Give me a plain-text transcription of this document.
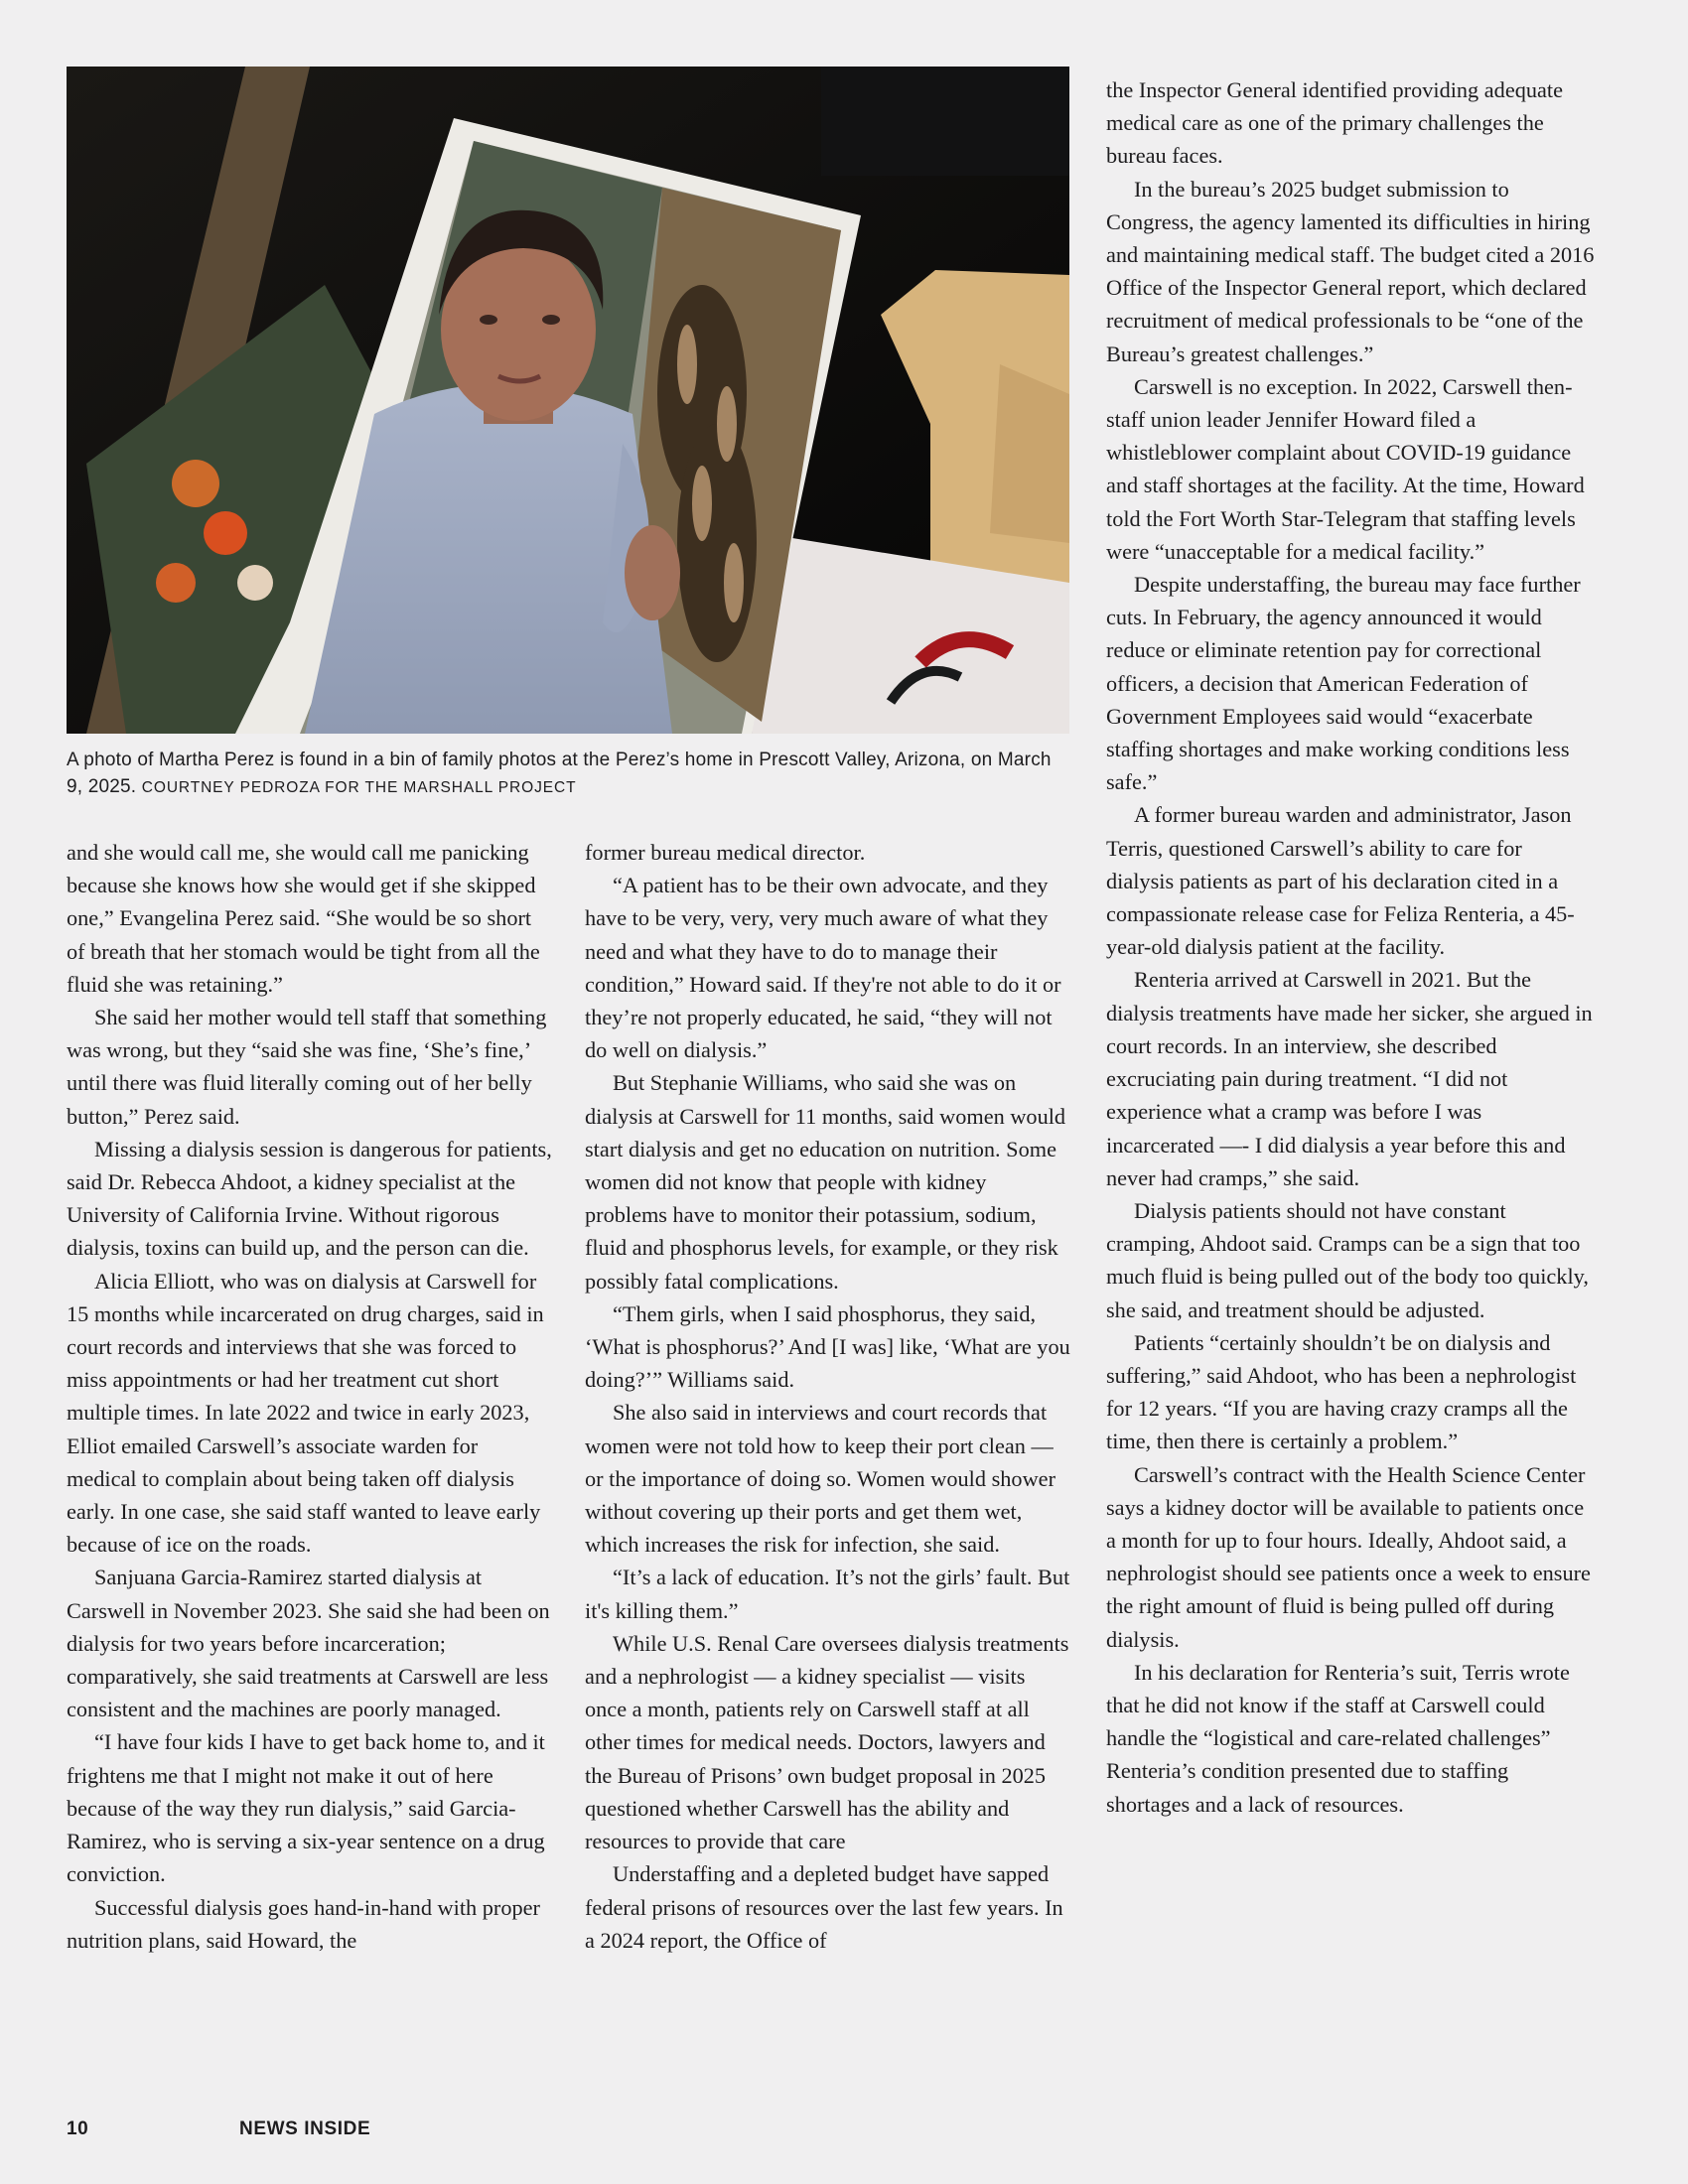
A photo of Martha Perez is found in a bin of family photos at the Perez’s home in Prescott Valley, Arizona, on March 9, 2025. COURTNEY PEDROZA FOR THE MARSHALL PROJECT

and she would call me, she would call me panicking because she knows how she would get if she skipped one,” Evangelina Perez said. “She would be so short of breath that her stomach would be tight from all the fluid she was retaining.”

She said her mother would tell staff that something was wrong, but they “said she was fine, ‘She’s fine,’ until there was fluid literally coming out of her belly button,” Perez said.

Missing a dialysis session is dangerous for patients, said Dr. Rebecca Ahdoot, a kidney specialist at the University of California Irvine. Without rigorous dialysis, toxins can build up, and the person can die.

Alicia Elliott, who was on dialysis at Carswell for 15 months while incarcerated on drug charges, said in court records and interviews that she was forced to miss appointments or had her treatment cut short multiple times. In late 2022 and twice in early 2023, Elliot emailed Carswell’s associate warden for medical to complain about being taken off dialysis early. In one case, she said staff wanted to leave early because of ice on the roads.

Sanjuana Garcia-Ramirez started dialysis at Carswell in November 2023. She said she had been on dialysis for two years before incarceration; comparatively, she said treatments at Carswell are less consistent and the machines are poorly managed.

“I have four kids I have to get back home to, and it frightens me that I might not make it out of here because of the way they run dialysis,” said Garcia-Ramirez, who is serving a six-year sentence on a drug conviction.

Successful dialysis goes hand-in-hand with proper nutrition plans, said Howard, the

former bureau medical director.

“A patient has to be their own advocate, and they have to be very, very, very much aware of what they need and what they have to do to manage their condition,” Howard said. If they're not able to do it or they’re not properly educated, he said, “they will not do well on dialysis.”

But Stephanie Williams, who said she was on dialysis at Carswell for 11 months, said women would start dialysis and get no education on nutrition. Some women did not know that people with kidney problems have to monitor their potassium, sodium, fluid and phosphorus levels, for example, or they risk possibly fatal complications.

“Them girls, when I said phosphorus, they said, ‘What is phosphorus?’ And [I was] like, ‘What are you doing?’” Williams said.

She also said in interviews and court records that women were not told how to keep their port clean — or the importance of doing so. Women would shower without covering up their ports and get them wet, which increases the risk for infection, she said.

“It’s a lack of education. It’s not the girls’ fault. But it's killing them.”

While U.S. Renal Care oversees dialysis treatments and a nephrologist — a kidney specialist — visits once a month, patients rely on Carswell staff at all other times for medical needs. Doctors, lawyers and the Bureau of Prisons’ own budget proposal in 2025 questioned whether Carswell has the ability and resources to provide that care

Understaffing and a depleted budget have sapped federal prisons of resources over the last few years. In a 2024 report, the Office of

the Inspector General identified providing adequate medical care as one of the primary challenges the bureau faces.

In the bureau’s 2025 budget submission to Congress, the agency lamented its difficulties in hiring and maintaining medical staff. The budget cited a 2016 Office of the Inspector General report, which declared recruitment of medical professionals to be “one of the Bureau’s greatest challenges.”

Carswell is no exception. In 2022, Carswell then-staff union leader Jennifer Howard filed a whistleblower complaint about COVID-19 guidance and staff shortages at the facility. At the time, Howard told the Fort Worth Star-Telegram that staffing levels were “unacceptable for a medical facility.”

Despite understaffing, the bureau may face further cuts. In February, the agency announced it would reduce or eliminate retention pay for correctional officers, a decision that American Federation of Government Employees said would “exacerbate staffing shortages and make working conditions less safe.”

A former bureau warden and administrator, Jason Terris, questioned Carswell’s ability to care for dialysis patients as part of his declaration cited in a compassionate release case for Feliza Renteria, a 45-year-old dialysis patient at the facility.

Renteria arrived at Carswell in 2021. But the dialysis treatments have made her sicker, she argued in court records. In an interview, she described excruciating pain during treatment. “I did not experience what a cramp was before I was incarcerated —- I did dialysis a year before this and never had cramps,” she said.

Dialysis patients should not have constant cramping, Ahdoot said. Cramps can be a sign that too much fluid is being pulled out of the body too quickly, she said, and treatment should be adjusted.

Patients “certainly shouldn’t be on dialysis and suffering,” said Ahdoot, who has been a nephrologist for 12 years. “If you are having crazy cramps all the time, then there is certainly a problem.”

Carswell’s contract with the Health Science Center says a kidney doctor will be available to patients once a month for up to four hours. Ideally, Ahdoot said, a nephrologist should see patients once a week to ensure the right amount of fluid is being pulled off during dialysis.

In his declaration for Renteria’s suit, Terris wrote that he did not know if the staff at Carswell could handle the “logistical and care-related challenges” Renteria’s condition presented due to staffing shortages and a lack of resources.

10	NEWS INSIDE
